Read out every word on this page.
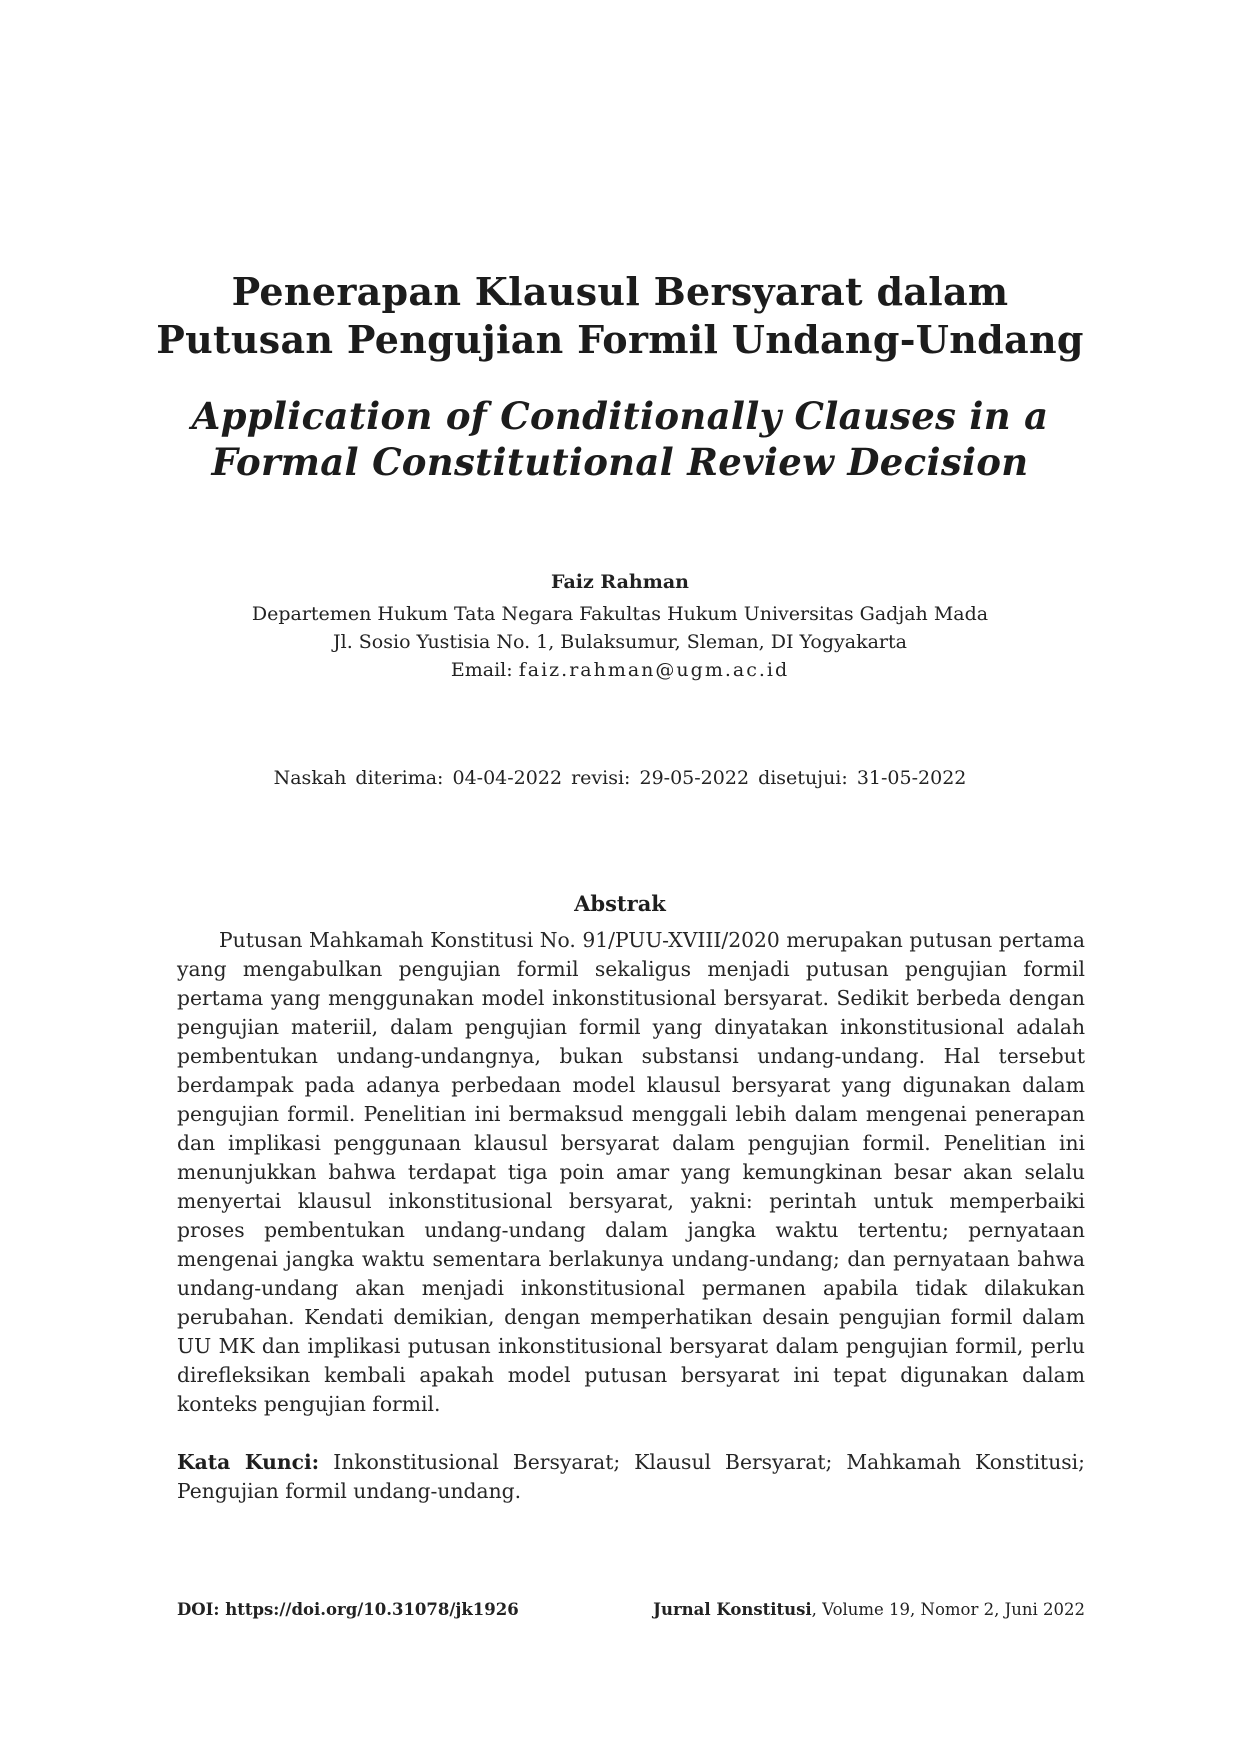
Penerapan Klausul Bersyarat dalam
Putusan Pengujian Formil Undang-Undang
Application of Conditionally Clauses in a
Formal Constitutional Review Decision
Faiz Rahman
Departemen Hukum Tata Negara Fakultas Hukum Universitas Gadjah Mada
Jl. Sosio Yustisia No. 1, Bulaksumur, Sleman, DI Yogyakarta
Email: faiz.rahman@ugm.ac.id
Naskah diterima: 04-04-2022 revisi: 29-05-2022 disetujui: 31-05-2022
Abstrak

Putusan Mahkamah Konstitusi No. 91/PUU-XVIII/2020 merupakan putusan pertama yang mengabulkan pengujian formil sekaligus menjadi putusan pengujian formil pertama yang menggunakan model inkonstitusional bersyarat. Sedikit berbeda dengan pengujian materiil, dalam pengujian formil yang dinyatakan inkonstitusional adalah pembentukan undang-undangnya, bukan substansi undang-undang. Hal tersebut berdampak pada adanya perbedaan model klausul bersyarat yang digunakan dalam pengujian formil. Penelitian ini bermaksud menggali lebih dalam mengenai penerapan dan implikasi penggunaan klausul bersyarat dalam pengujian formil. Penelitian ini menunjukkan bahwa terdapat tiga poin amar yang kemungkinan besar akan selalu menyertai klausul inkonstitusional bersyarat, yakni: perintah untuk memperbaiki proses pembentukan undang-undang dalam jangka waktu tertentu; pernyataan mengenai jangka waktu sementara berlakunya undang-undang; dan pernyataan bahwa undang-undang akan menjadi inkonstitusional permanen apabila tidak dilakukan perubahan. Kendati demikian, dengan memperhatikan desain pengujian formil dalam UU MK dan implikasi putusan inkonstitusional bersyarat dalam pengujian formil, perlu direfleksikan kembali apakah model putusan bersyarat ini tepat digunakan dalam konteks pengujian formil.

Kata Kunci: Inkonstitusional Bersyarat; Klausul Bersyarat; Mahkamah Konstitusi; Pengujian formil undang-undang.

DOI: https://doi.org/10.31078/jk1926	Jurnal Konstitusi, Volume 19, Nomor 2, Juni 2022
